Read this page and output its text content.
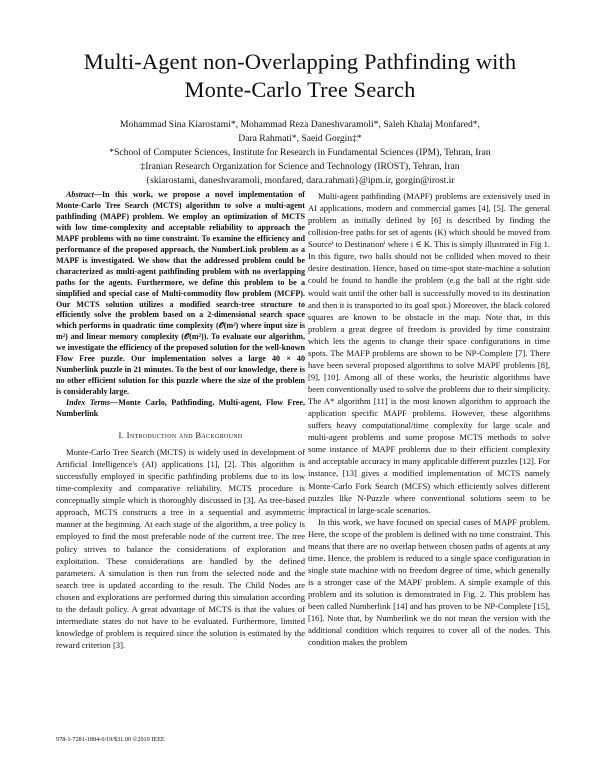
Multi-Agent non-Overlapping Pathfinding with
Monte-Carlo Tree Search
Mohammad Sina Kiarostami*, Mohammad Reza Daneshvaramoli*, Saleh Khalaj Monfared*,
Dara Rahmati*, Saeid Gorgin‡*
*School of Computer Sciences, Institute for Research in Fundamental Sciences (IPM), Tehran, Iran
‡Iranian Research Organization for Science and Technology (IROST), Tehran, Iran
{skiarostami, daneshvaramoli, monfared, dara.rahmati}@ipm.ir, gorgin@irost.ir

Abstract—In this work, we propose a novel implementation of Monte-Carlo Tree Search (MCTS) algorithm to solve a multi-agent pathfinding (MAPF) problem. We employ an optimization of MCTS with low time-complexity and acceptable reliability to approach the MAPF problems with no time constraint. To examine the efficiency and performance of the proposed approach, the NumberLink problem as a MAPF is investigated. We show that the addressed problem could be characterized as multi-agent pathfinding problem with no overlapping paths for the agents. Furthermore, we define this problem to be a simplified and special case of Multi-commodity flow problem (MCFP). Our MCTS solution utilizes a modified search-tree structure to efficiently solve the problem based on a 2-dimensional search space which performs in quadratic time complexity (𝒪(m²) where input size is m²) and linear memory complexity (𝒪(m²)). To evaluate our algorithm, we investigate the efficiency of the proposed solution for the well-known Flow Free puzzle. Our implementation solves a large 40 × 40 Numberlink puzzle in 21 minutes. To the best of our knowledge, there is no other efficient solution for this puzzle where the size of the problem is considerably large.

Index Terms—Monte Carlo, Pathfinding, Multi-agent, Flow Free, Numberlink

I. Introduction and Background

Monte-Carlo Tree Search (MCTS) is widely used in development of Artificial Intelligence's (AI) applications [1], [2]. This algorithm is successfully employed in specific pathfinding problems due to its low time-complexity and comparative reliability. MCTS procedure is conceptually simple which is thoroughly discussed in [3]. As tree-based approach, MCTS constructs a tree in a sequential and asymmetric manner at the beginning. At each stage of the algorithm, a tree policy is employed to find the most preferable node of the current tree. The tree policy strives to balance the considerations of exploration and exploitation. These considerations are handled by the defined parameters. A simulation is then run from the selected node and the search tree is updated according to the result. The Child Nodes are chosen and explorations are performed during this simulation according to the default policy. A great advantage of MCTS is that the values of intermediate states do not have to be evaluated. Furthermore, limited knowledge of problem is required since the solution is estimated by the reward criterion [3].

Multi-agent pathfinding (MAPF) problems are extensively used in AI applications, modern and commercial games [4], [5]. The general problem as initially defined by [6] is described by finding the collision-free paths for set of agents (K) which should be moved from Sourceⁱ to Destinationⁱ where i ∈ K. This is simply illustrated in Fig 1. In this figure, two balls should not be collided when moved to their desire destination. Hence, based on time-spot state-machine a solution could be found to handle the problem (e.g the ball at the right side would wait until the other ball is successfully moved to its destination and then it is transported to its goal spot.) Moreover, the black colored squares are known to be obstacle in the map. Note that, in this problem a great degree of freedom is provided by time constraint which lets the agents to change their space configurations in time spots. The MAFP problems are shown to be NP-Complete [7]. There have been several proposed algorithms to solve MAPF problems [8], [9], [10]. Among all of these works, the heuristic algorithms have been conventionally used to solve the problems due to their simplicity. The A* algorithm [11] is the most known algorithm to approach the application specific MAPF problems. However, these algorithms suffers heavy computational/time complexity for large scale and multi-agent problems and some propose MCTS methods to solve some instance of MAPF problems due to their efficient complexity and acceptable accuracy in many applicable different puzzles [12]. For instance, [13] gives a modified implementation of MCTS namely Monte-Carlo Fork Search (MCFS) which efficiently solves different puzzles like N-Puzzle where conventional solutions seem to be impractical in large-scale scenarios.

In this work, we have focused on special cases of MAPF problem. Here, the scope of the problem is defined with no time constraint. This means that there are no overlap between chosen paths of agents at any time. Hence, the problem is reduced to a single space configuration in single state machine with no freedom degree of time, which generally is a stronger case of the MAPF problem. A simple example of this problem and its solution is demonstrated in Fig. 2. This problem has been called Numberlink [14] and has proven to be NP-Complete [15], [16]. Note that, by Numberlink we do not mean the version with the additional condition which requires to cover all of the nodes. This condition makes the problem

978-1-7281-1884-0/19/$31.00 ©2019 IEEE
